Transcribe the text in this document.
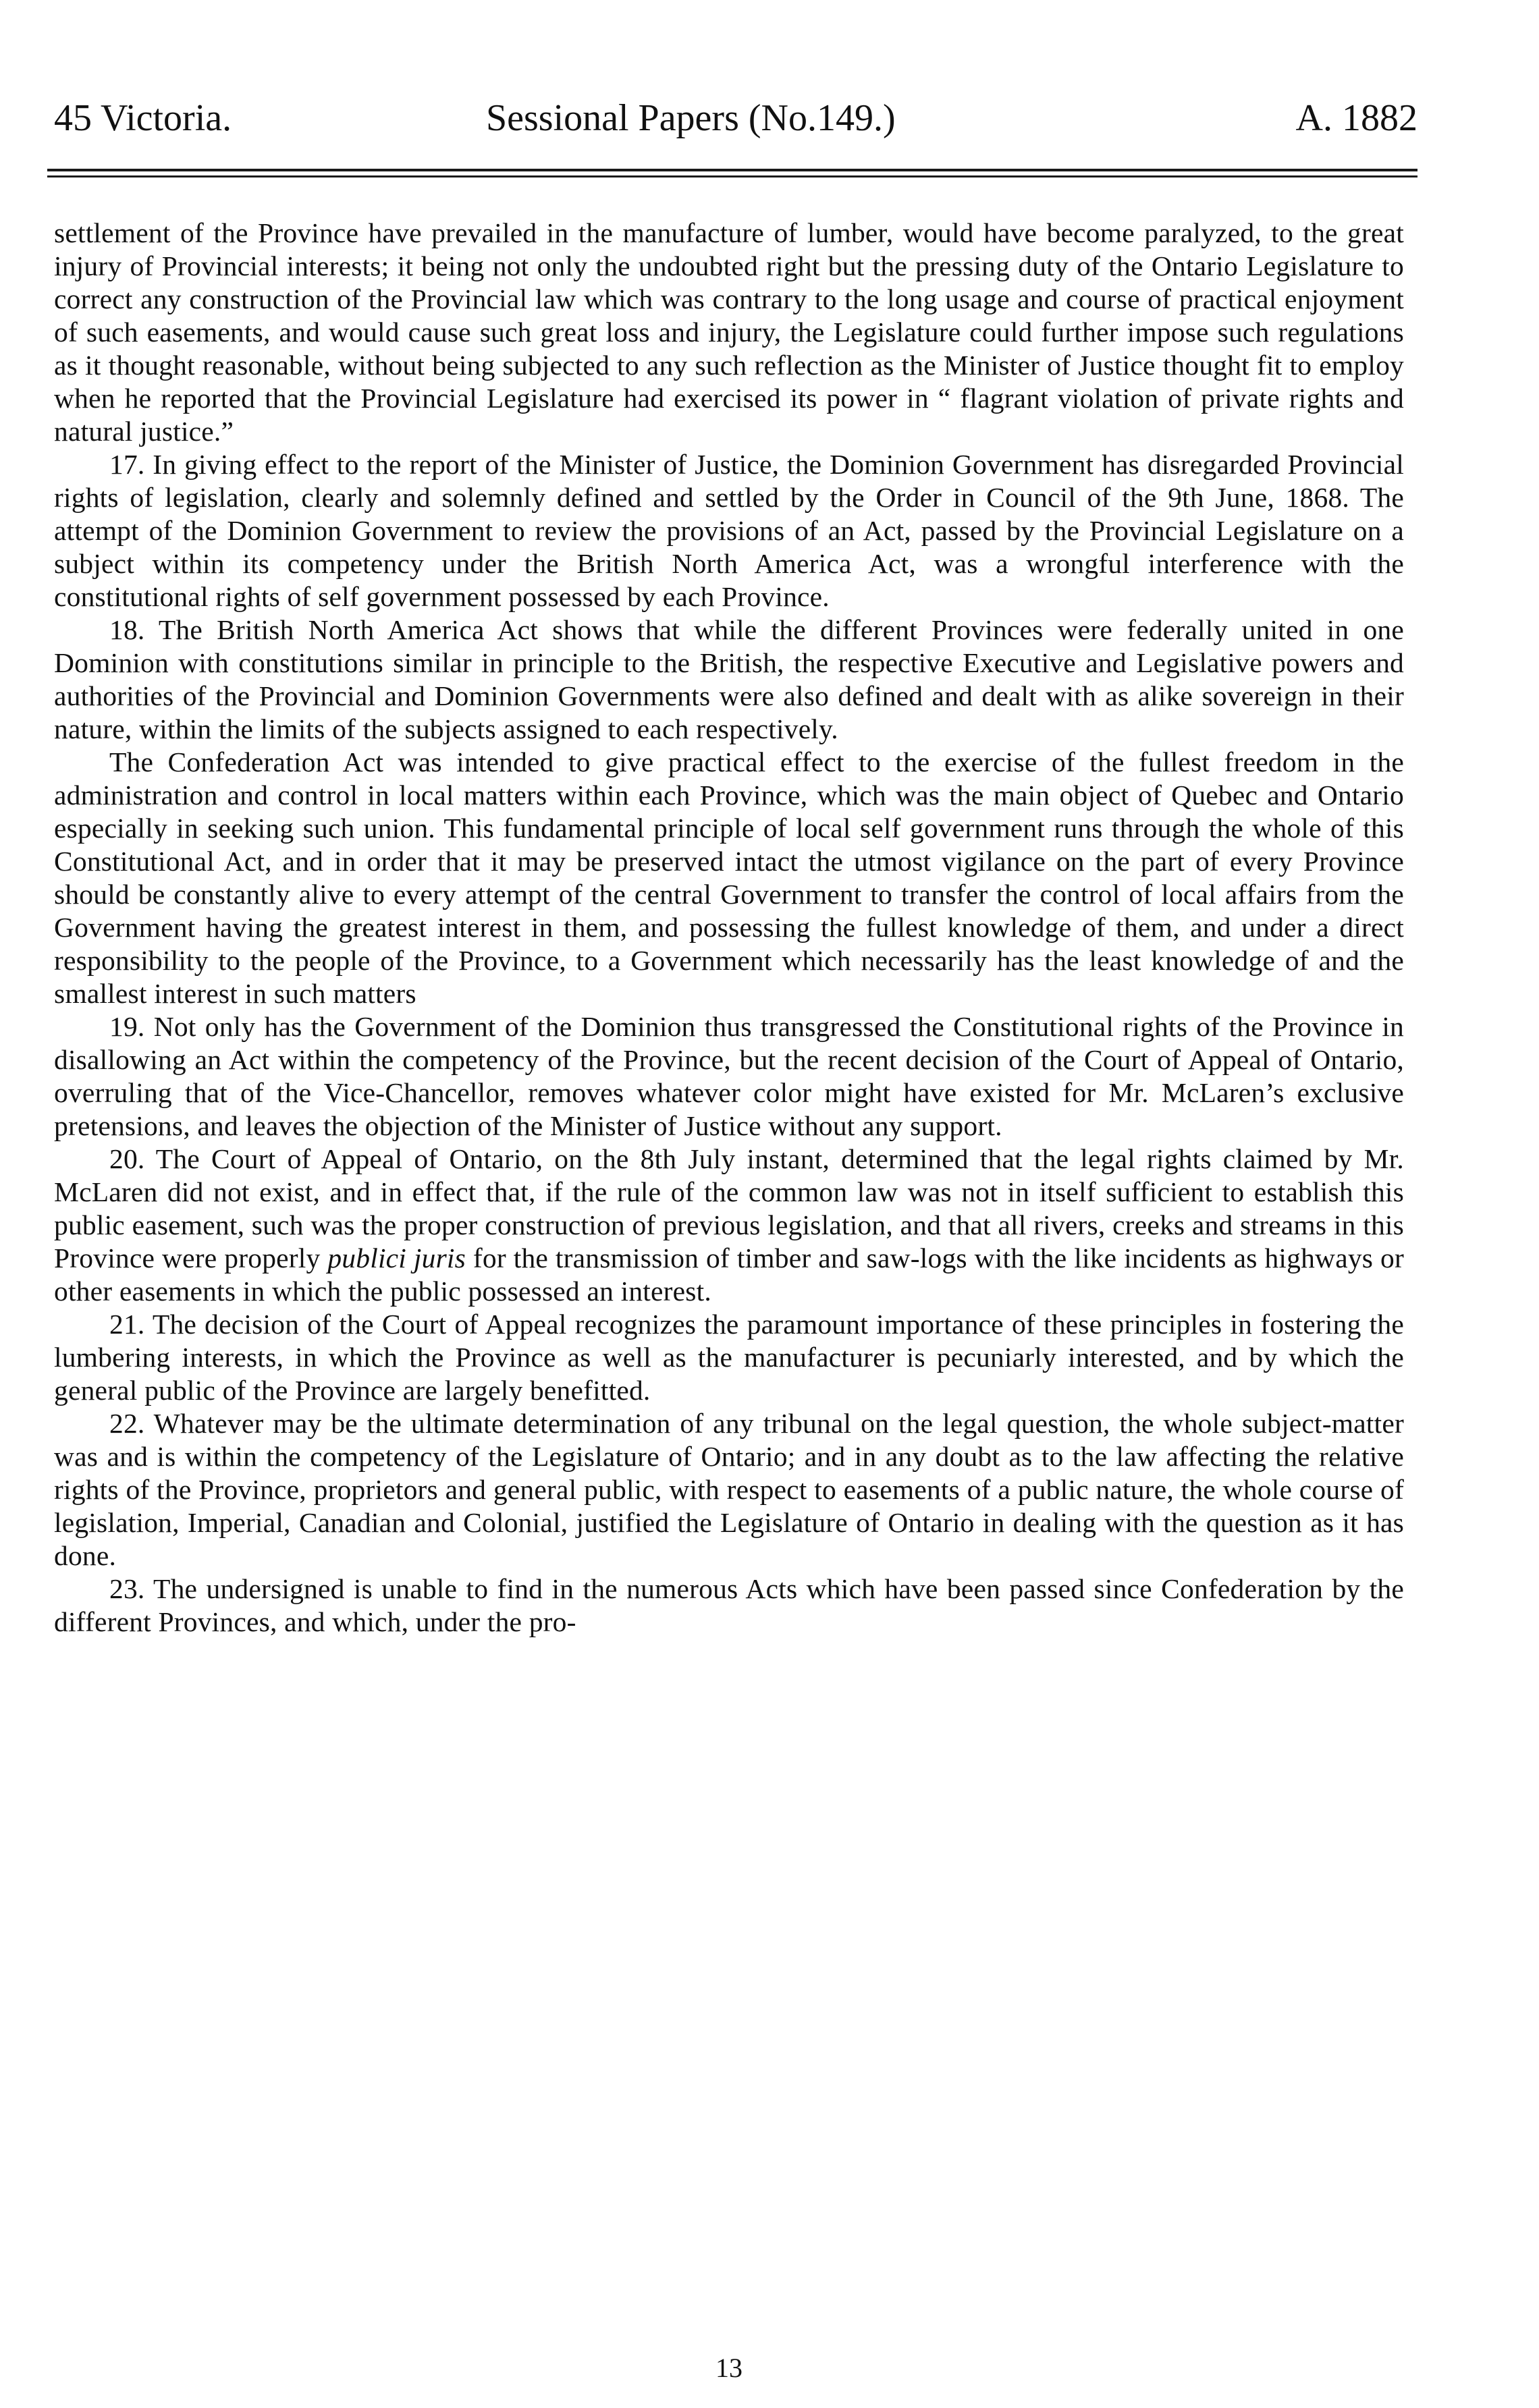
45 Victoria.	Sessional Papers (No.149.)	A. 1882

settlement of the Province have prevailed in the manufacture of lumber, would have become paralyzed, to the great injury of Provincial interests; it being not only the undoubted right but the pressing duty of the Ontario Legislature to correct any construction of the Provincial law which was contrary to the long usage and course of practical enjoyment of such easements, and would cause such great loss and injury, the Legislature could further impose such regulations as it thought reasonable, without being subjected to any such reflection as the Minister of Justice thought fit to employ when he reported that the Provincial Legislature had exercised its power in “ flagrant violation of private rights and natural justice.”

17. In giving effect to the report of the Minister of Justice, the Dominion Government has disregarded Provincial rights of legislation, clearly and solemnly defined and settled by the Order in Council of the 9th June, 1868. The attempt of the Dominion Government to review the provisions of an Act, passed by the Provincial Legislature on a subject within its competency under the British North America Act, was a wrongful interference with the constitutional rights of self government possessed by each Province.

18. The British North America Act shows that while the different Provinces were federally united in one Dominion with constitutions similar in principle to the British, the respective Executive and Legislative powers and authorities of the Provincial and Dominion Governments were also defined and dealt with as alike sovereign in their nature, within the limits of the subjects assigned to each respectively.

The Confederation Act was intended to give practical effect to the exercise of the fullest freedom in the administration and control in local matters within each Province, which was the main object of Quebec and Ontario especially in seeking such union. This fundamental principle of local self government runs through the whole of this Constitutional Act, and in order that it may be preserved intact the utmost vigilance on the part of every Province should be constantly alive to every attempt of the central Government to transfer the control of local affairs from the Government having the greatest interest in them, and possessing the fullest knowledge of them, and under a direct responsibility to the people of the Province, to a Government which necessarily has the least knowledge of and the smallest interest in such matters

19. Not only has the Government of the Dominion thus transgressed the Constitutional rights of the Province in disallowing an Act within the competency of the Province, but the recent decision of the Court of Appeal of Ontario, overruling that of the Vice-Chancellor, removes whatever color might have existed for Mr. McLaren’s exclusive pretensions, and leaves the objection of the Minister of Justice without any support.

20. The Court of Appeal of Ontario, on the 8th July instant, determined that the legal rights claimed by Mr. McLaren did not exist, and in effect that, if the rule of the common law was not in itself sufficient to establish this public easement, such was the proper construction of previous legislation, and that all rivers, creeks and streams in this Province were properly publici juris for the transmission of timber and saw-logs with the like incidents as highways or other easements in which the public possessed an interest.

21. The decision of the Court of Appeal recognizes the paramount importance of these principles in fostering the lumbering interests, in which the Province as well as the manufacturer is pecuniarly interested, and by which the general public of the Province are largely benefitted.

22. Whatever may be the ultimate determination of any tribunal on the legal question, the whole subject-matter was and is within the competency of the Legislature of Ontario; and in any doubt as to the law affecting the relative rights of the Province, proprietors and general public, with respect to easements of a public nature, the whole course of legislation, Imperial, Canadian and Colonial, justified the Legislature of Ontario in dealing with the question as it has done.

23. The undersigned is unable to find in the numerous Acts which have been passed since Confederation by the different Provinces, and which, under the pro-

13
